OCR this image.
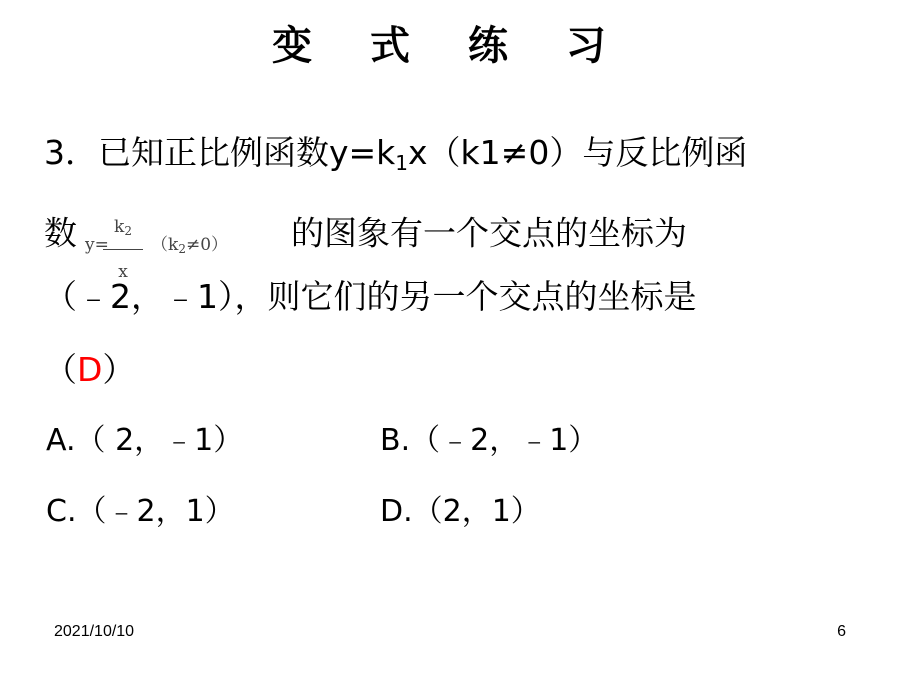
变 式 练 习
3．已知正比例函数$y=k_1x(k1\ne 0)$与反比例函
数 y=
$\frac{k_2}{x} (k_2\ne 0)$ 的图象有一个交点的坐标为
（﹣2，﹣1），则它们的另一个交点的坐标是
（D）
A.（ 2，﹣1）	B.（﹣2，﹣1）
C.（﹣2，1）	D.（2，1）
2021/10/10	6
